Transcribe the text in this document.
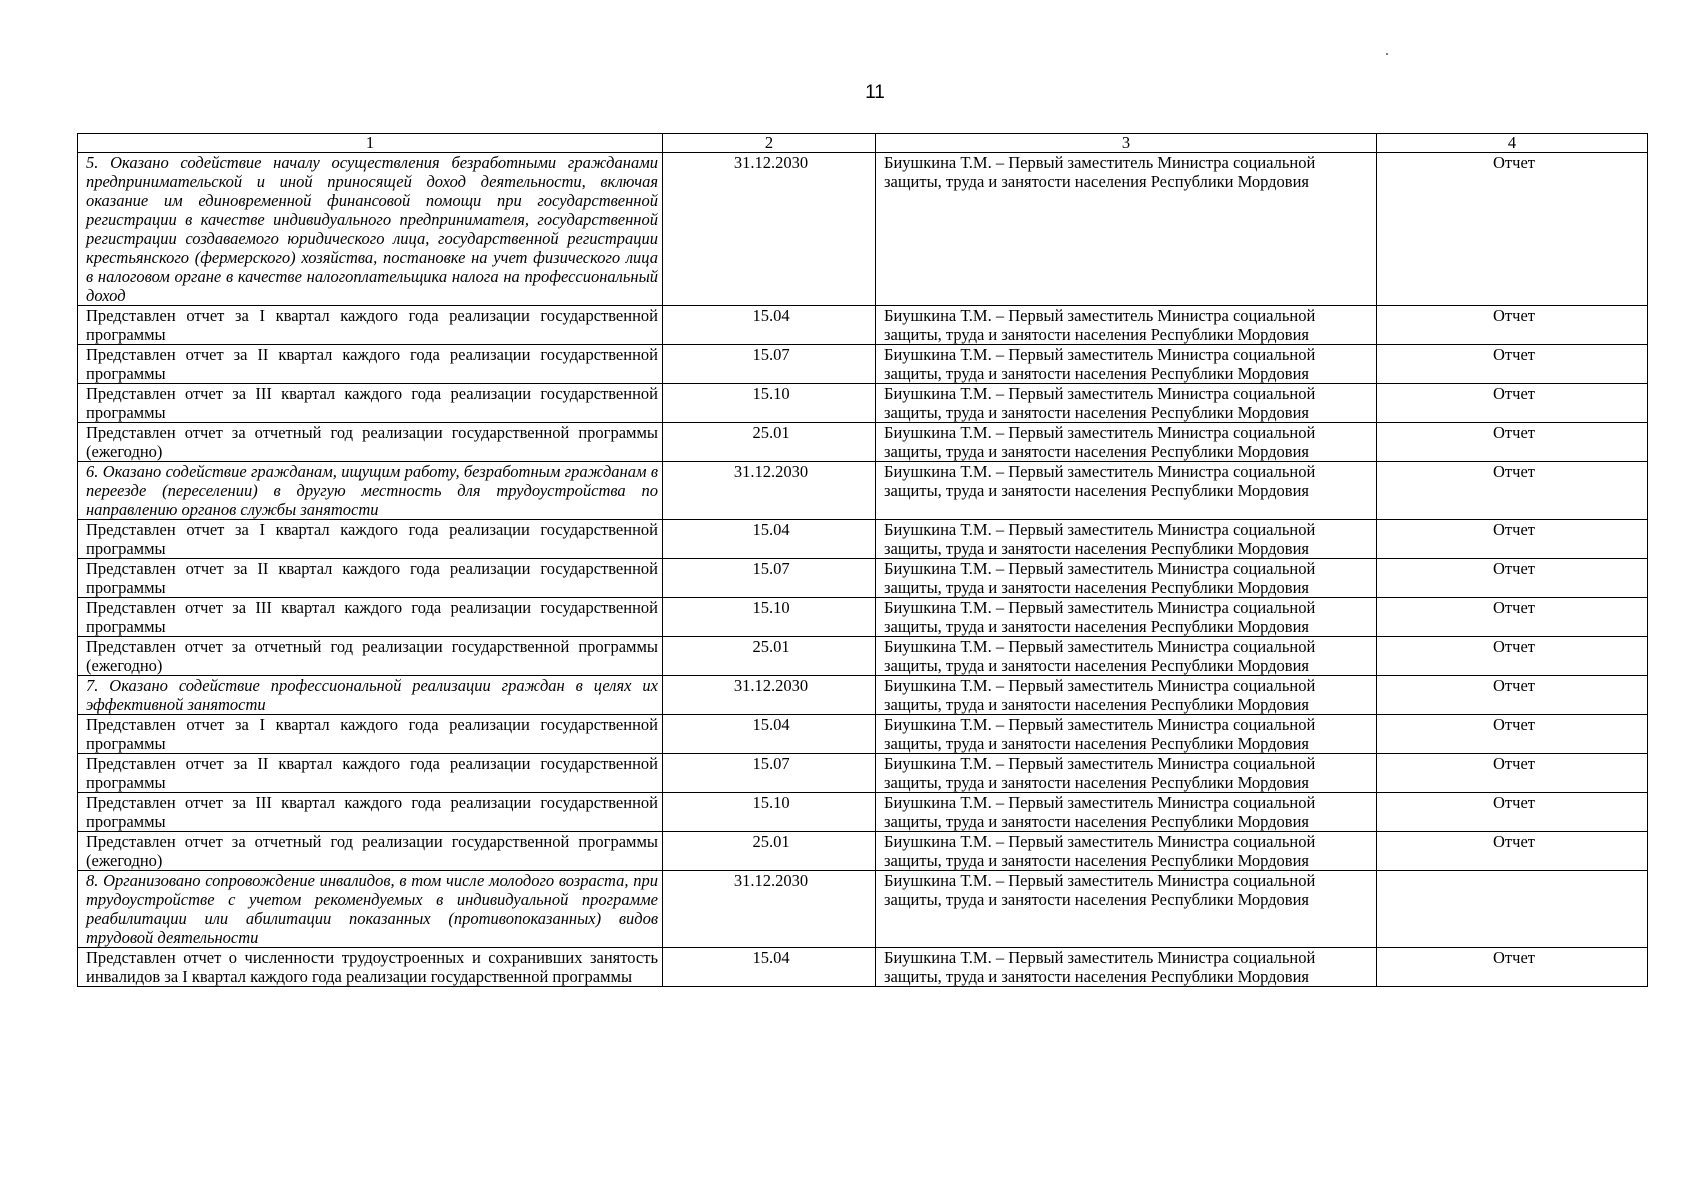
11
1	2	3	4
5. Оказано содействие началу осуществления безработными гражданами предпринимательской и иной приносящей доход деятельности, включая оказание им единовременной финансовой помощи при государственной регистрации в качестве индивидуального предпринимателя, государственной регистрации создаваемого юридического лица, государственной регистрации крестьянского (фермерского) хозяйства, постановке на учет физического лица в налоговом органе в качестве налогоплательщика налога на профессиональный доход	31.12.2030	Биушкина Т.М. – Первый заместитель Министра социальной защиты, труда и занятости населения Республики Мордовия	Отчет
Представлен отчет за I квартал каждого года реализации государственной программы	15.04	Биушкина Т.М. – Первый заместитель Министра социальной защиты, труда и занятости населения Республики Мордовия	Отчет
Представлен отчет за II квартал каждого года реализации государственной программы	15.07	Биушкина Т.М. – Первый заместитель Министра социальной защиты, труда и занятости населения Республики Мордовия	Отчет
Представлен отчет за III квартал каждого года реализации государственной программы	15.10	Биушкина Т.М. – Первый заместитель Министра социальной защиты, труда и занятости населения Республики Мордовия	Отчет
Представлен отчет за отчетный год реализации государственной программы (ежегодно)	25.01	Биушкина Т.М. – Первый заместитель Министра социальной защиты, труда и занятости населения Республики Мордовия	Отчет
6. Оказано содействие гражданам, ищущим работу, безработным гражданам в переезде (переселении) в другую местность для трудоустройства по направлению органов службы занятости	31.12.2030	Биушкина Т.М. – Первый заместитель Министра социальной защиты, труда и занятости населения Республики Мордовия	Отчет
Представлен отчет за I квартал каждого года реализации государственной программы	15.04	Биушкина Т.М. – Первый заместитель Министра социальной защиты, труда и занятости населения Республики Мордовия	Отчет
Представлен отчет за II квартал каждого года реализации государственной программы	15.07	Биушкина Т.М. – Первый заместитель Министра социальной защиты, труда и занятости населения Республики Мордовия	Отчет
Представлен отчет за III квартал каждого года реализации государственной программы	15.10	Биушкина Т.М. – Первый заместитель Министра социальной защиты, труда и занятости населения Республики Мордовия	Отчет
Представлен отчет за отчетный год реализации государственной программы (ежегодно)	25.01	Биушкина Т.М. – Первый заместитель Министра социальной защиты, труда и занятости населения Республики Мордовия	Отчет
7. Оказано содействие профессиональной реализации граждан в целях их эффективной занятости	31.12.2030	Биушкина Т.М. – Первый заместитель Министра социальной защиты, труда и занятости населения Республики Мордовия	Отчет
Представлен отчет за I квартал каждого года реализации государственной программы	15.04	Биушкина Т.М. – Первый заместитель Министра социальной защиты, труда и занятости населения Республики Мордовия	Отчет
Представлен отчет за II квартал каждого года реализации государственной программы	15.07	Биушкина Т.М. – Первый заместитель Министра социальной защиты, труда и занятости населения Республики Мордовия	Отчет
Представлен отчет за III квартал каждого года реализации государственной программы	15.10	Биушкина Т.М. – Первый заместитель Министра социальной защиты, труда и занятости населения Республики Мордовия	Отчет
Представлен отчет за отчетный год реализации государственной программы (ежегодно)	25.01	Биушкина Т.М. – Первый заместитель Министра социальной защиты, труда и занятости населения Республики Мордовия	Отчет
8. Организовано сопровождение инвалидов, в том числе молодого возраста, при трудоустройстве с учетом рекомендуемых в индивидуальной программе реабилитации или абилитации показанных (противопоказанных) видов трудовой деятельности	31.12.2030	Биушкина Т.М. – Первый заместитель Министра социальной защиты, труда и занятости населения Республики Мордовия	
Представлен отчет о численности трудоустроенных и сохранивших занятость инвалидов за I квартал каждого года реализации государственной программы	15.04	Биушкина Т.М. – Первый заместитель Министра социальной защиты, труда и занятости населения Республики Мордовия	Отчет
